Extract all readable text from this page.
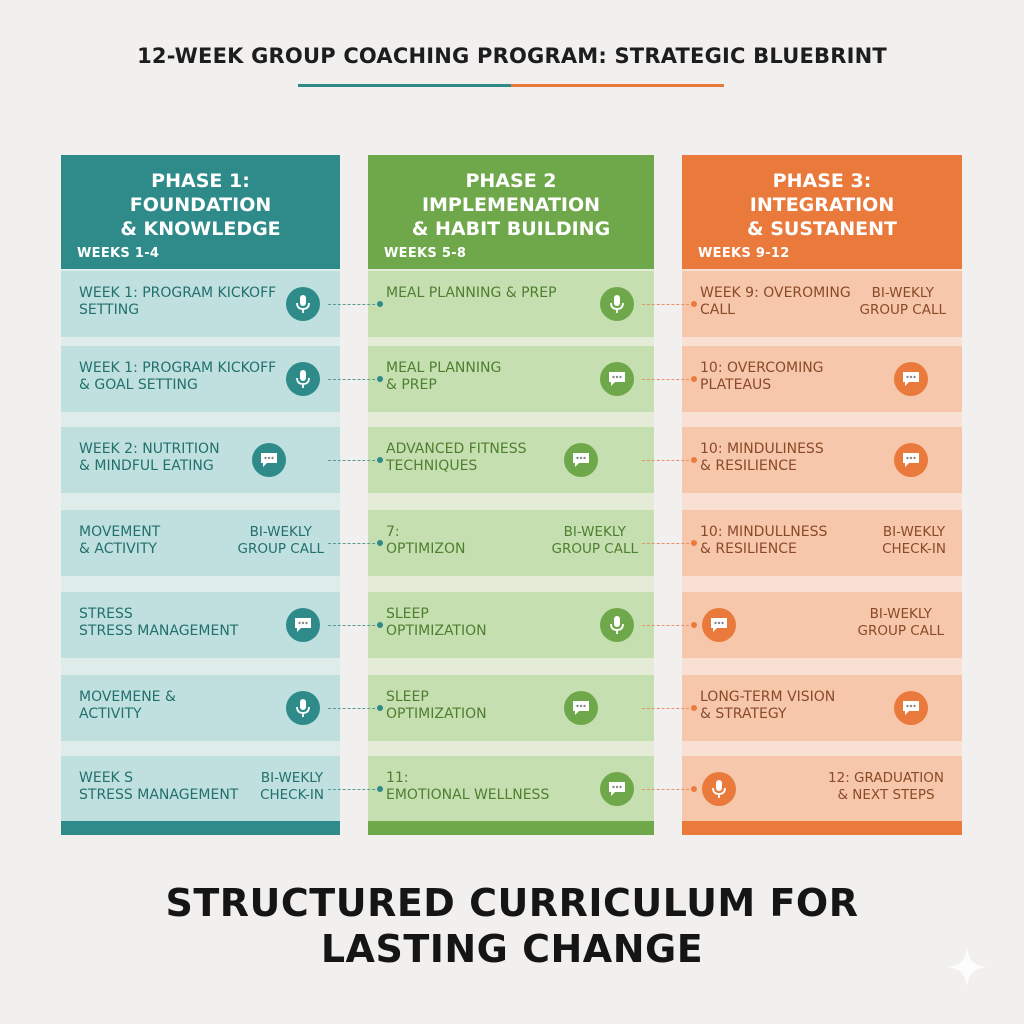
12-WEEK GROUP COACHING PROGRAM: STRATEGIC BLUEBRINT
PHASE 1:
FOUNDATION
& KNOWLEDGE
WEEKS 1-4
WEEK 1: PROGRAM KICKOFF
SETTING
WEEK 1: PROGRAM KICKOFF
& GOAL SETTING
WEEK 2: NUTRITION
& MINDFUL EATING
MOVEMENT
& ACTIVITY
BI-WEKLY
GROUP CALL
STRESS
STRESS MANAGEMENT
MOVEMENE &
ACTIVITY
WEEK S
STRESS MANAGEMENT
BI-WEKLY
CHECK-IN
PHASE 2
IMPLEMENATION
& HABIT BUILDING
WEEKS 5-8
MEAL PLANNING & PREP
MEAL PLANNING
& PREP
ADVANCED FITNESS
TECHNIQUES
7:
OPTIMIZON
BI-WEKLY
GROUP CALL
SLEEP
OPTIMIZATION
SLEEP
OPTIMIZATION
11:
EMOTIONAL WELLNESS
PHASE 3:
INTEGRATION
& SUSTANENT
WEEKS 9-12
WEEK 9: OVEROMING
CALL
BI-WEKLY
GROUP CALL
10: OVERCOMING
PLATEAUS
10: MINDULINESS
& RESILIENCE
10: MINDULLNESS
& RESILIENCE
BI-WEKLY
CHECK-IN
BI-WEKLY
GROUP CALL
LONG-TERM VISION
& STRATEGY
12: GRADUATION
& NEXT STEPS
STRUCTURED CURRICULUM FOR
LASTING CHANGE
